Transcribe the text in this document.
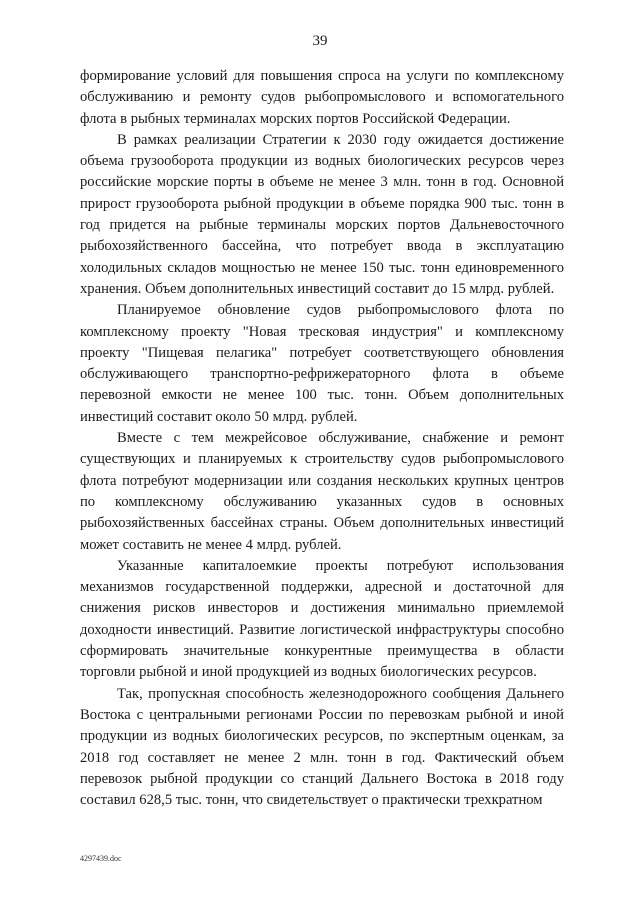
39

формирование условий для повышения спроса на услуги по комплексному обслуживанию и ремонту судов рыбопромыслового и вспомогательного флота в рыбных терминалах морских портов Российской Федерации.

В рамках реализации Стратегии к 2030 году ожидается достижение объема грузооборота продукции из водных биологических ресурсов через российские морские порты в объеме не менее 3 млн. тонн в год. Основной прирост грузооборота рыбной продукции в объеме порядка 900 тыс. тонн в год придется на рыбные терминалы морских портов Дальневосточного рыбохозяйственного бассейна, что потребует ввода в эксплуатацию холодильных складов мощностью не менее 150 тыс. тонн единовременного хранения. Объем дополнительных инвестиций составит до 15 млрд. рублей.

Планируемое обновление судов рыбопромыслового флота по комплексному проекту "Новая тресковая индустрия" и комплексному проекту "Пищевая пелагика" потребует соответствующего обновления обслуживающего транспортно-рефрижераторного флота в объеме перевозной емкости не менее 100 тыс. тонн. Объем дополнительных инвестиций составит около 50 млрд. рублей.

Вместе с тем межрейсовое обслуживание, снабжение и ремонт существующих и планируемых к строительству судов рыбопромыслового флота потребуют модернизации или создания нескольких крупных центров по комплексному обслуживанию указанных судов в основных рыбохозяйственных бассейнах страны. Объем дополнительных инвестиций может составить не менее 4 млрд. рублей.

Указанные капиталоемкие проекты потребуют использования механизмов государственной поддержки, адресной и достаточной для снижения рисков инвесторов и достижения минимально приемлемой доходности инвестиций. Развитие логистической инфраструктуры способно сформировать значительные конкурентные преимущества в области торговли рыбной и иной продукцией из водных биологических ресурсов.

Так, пропускная способность железнодорожного сообщения Дальнего Востока с центральными регионами России по перевозкам рыбной и иной продукции из водных биологических ресурсов, по экспертным оценкам, за 2018 год составляет не менее 2 млн. тонн в год. Фактический объем перевозок рыбной продукции со станций Дальнего Востока в 2018 году составил 628,5 тыс. тонн, что свидетельствует о практически трехкратном

4297439.doc
